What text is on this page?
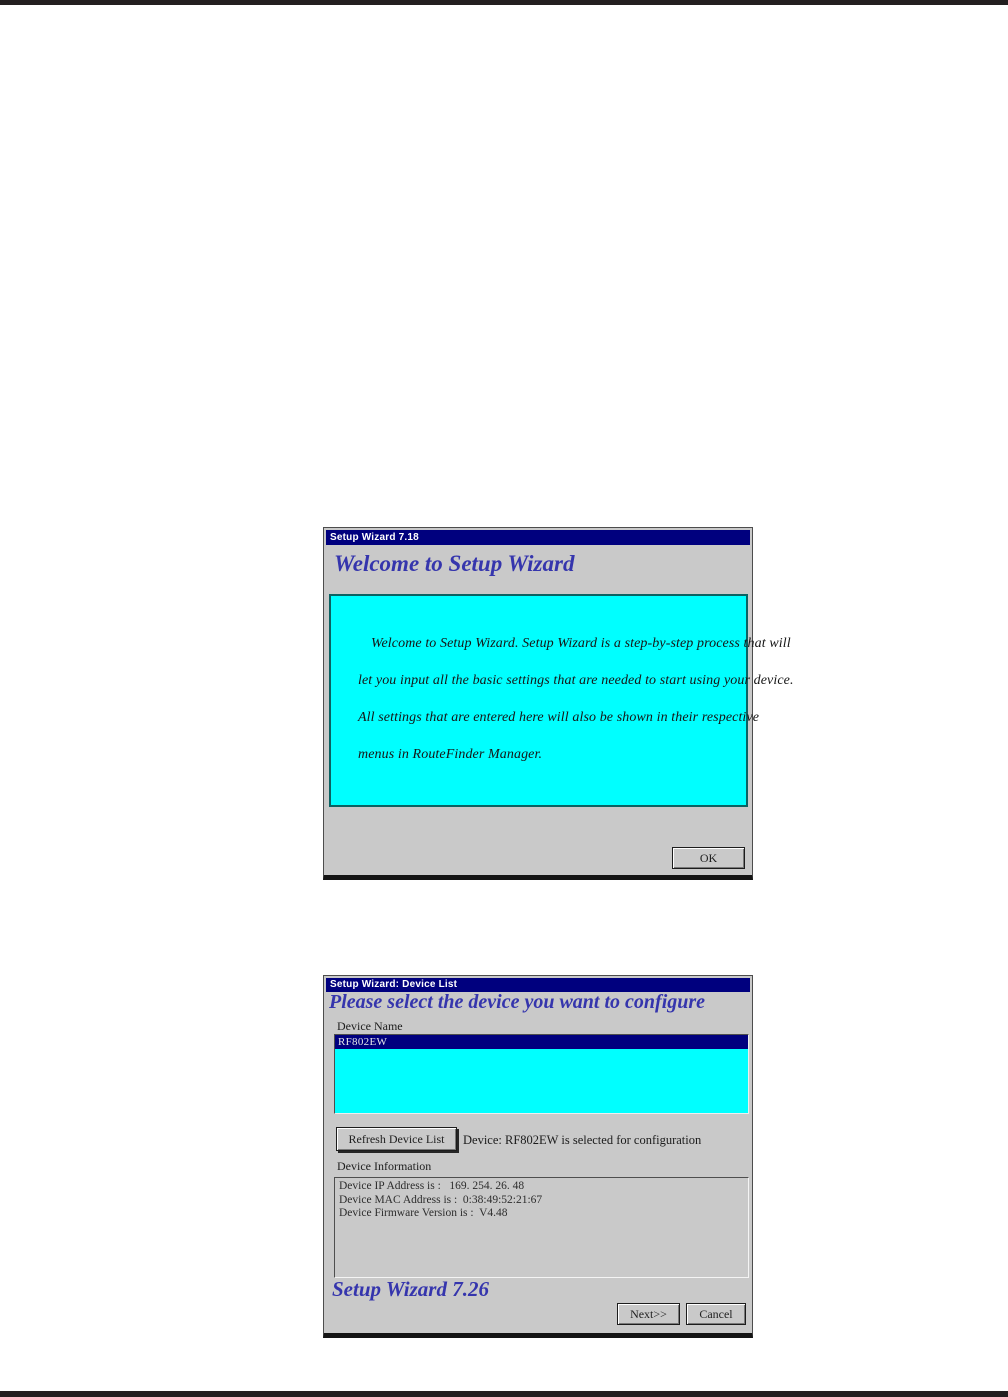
Setup Wizard 7.18
Welcome to Setup Wizard

Welcome to Setup Wizard. Setup Wizard is a step-by-step process that will

let you input all the basic settings that are needed to start using your device.

All settings that are entered here will also be shown in their respective

menus in RouteFinder Manager.

OK
Setup Wizard: Device List
Please select the device you want to configure
Device Name
RF802EW
Refresh Device List	Device: RF802EW is selected for configuration
Device Information
Device IP Address is :   169. 254. 26. 48
Device MAC Address is :  0:38:49:52:21:67
Device Firmware Version is :  V4.48
Setup Wizard 7.26
Next>>	Cancel
